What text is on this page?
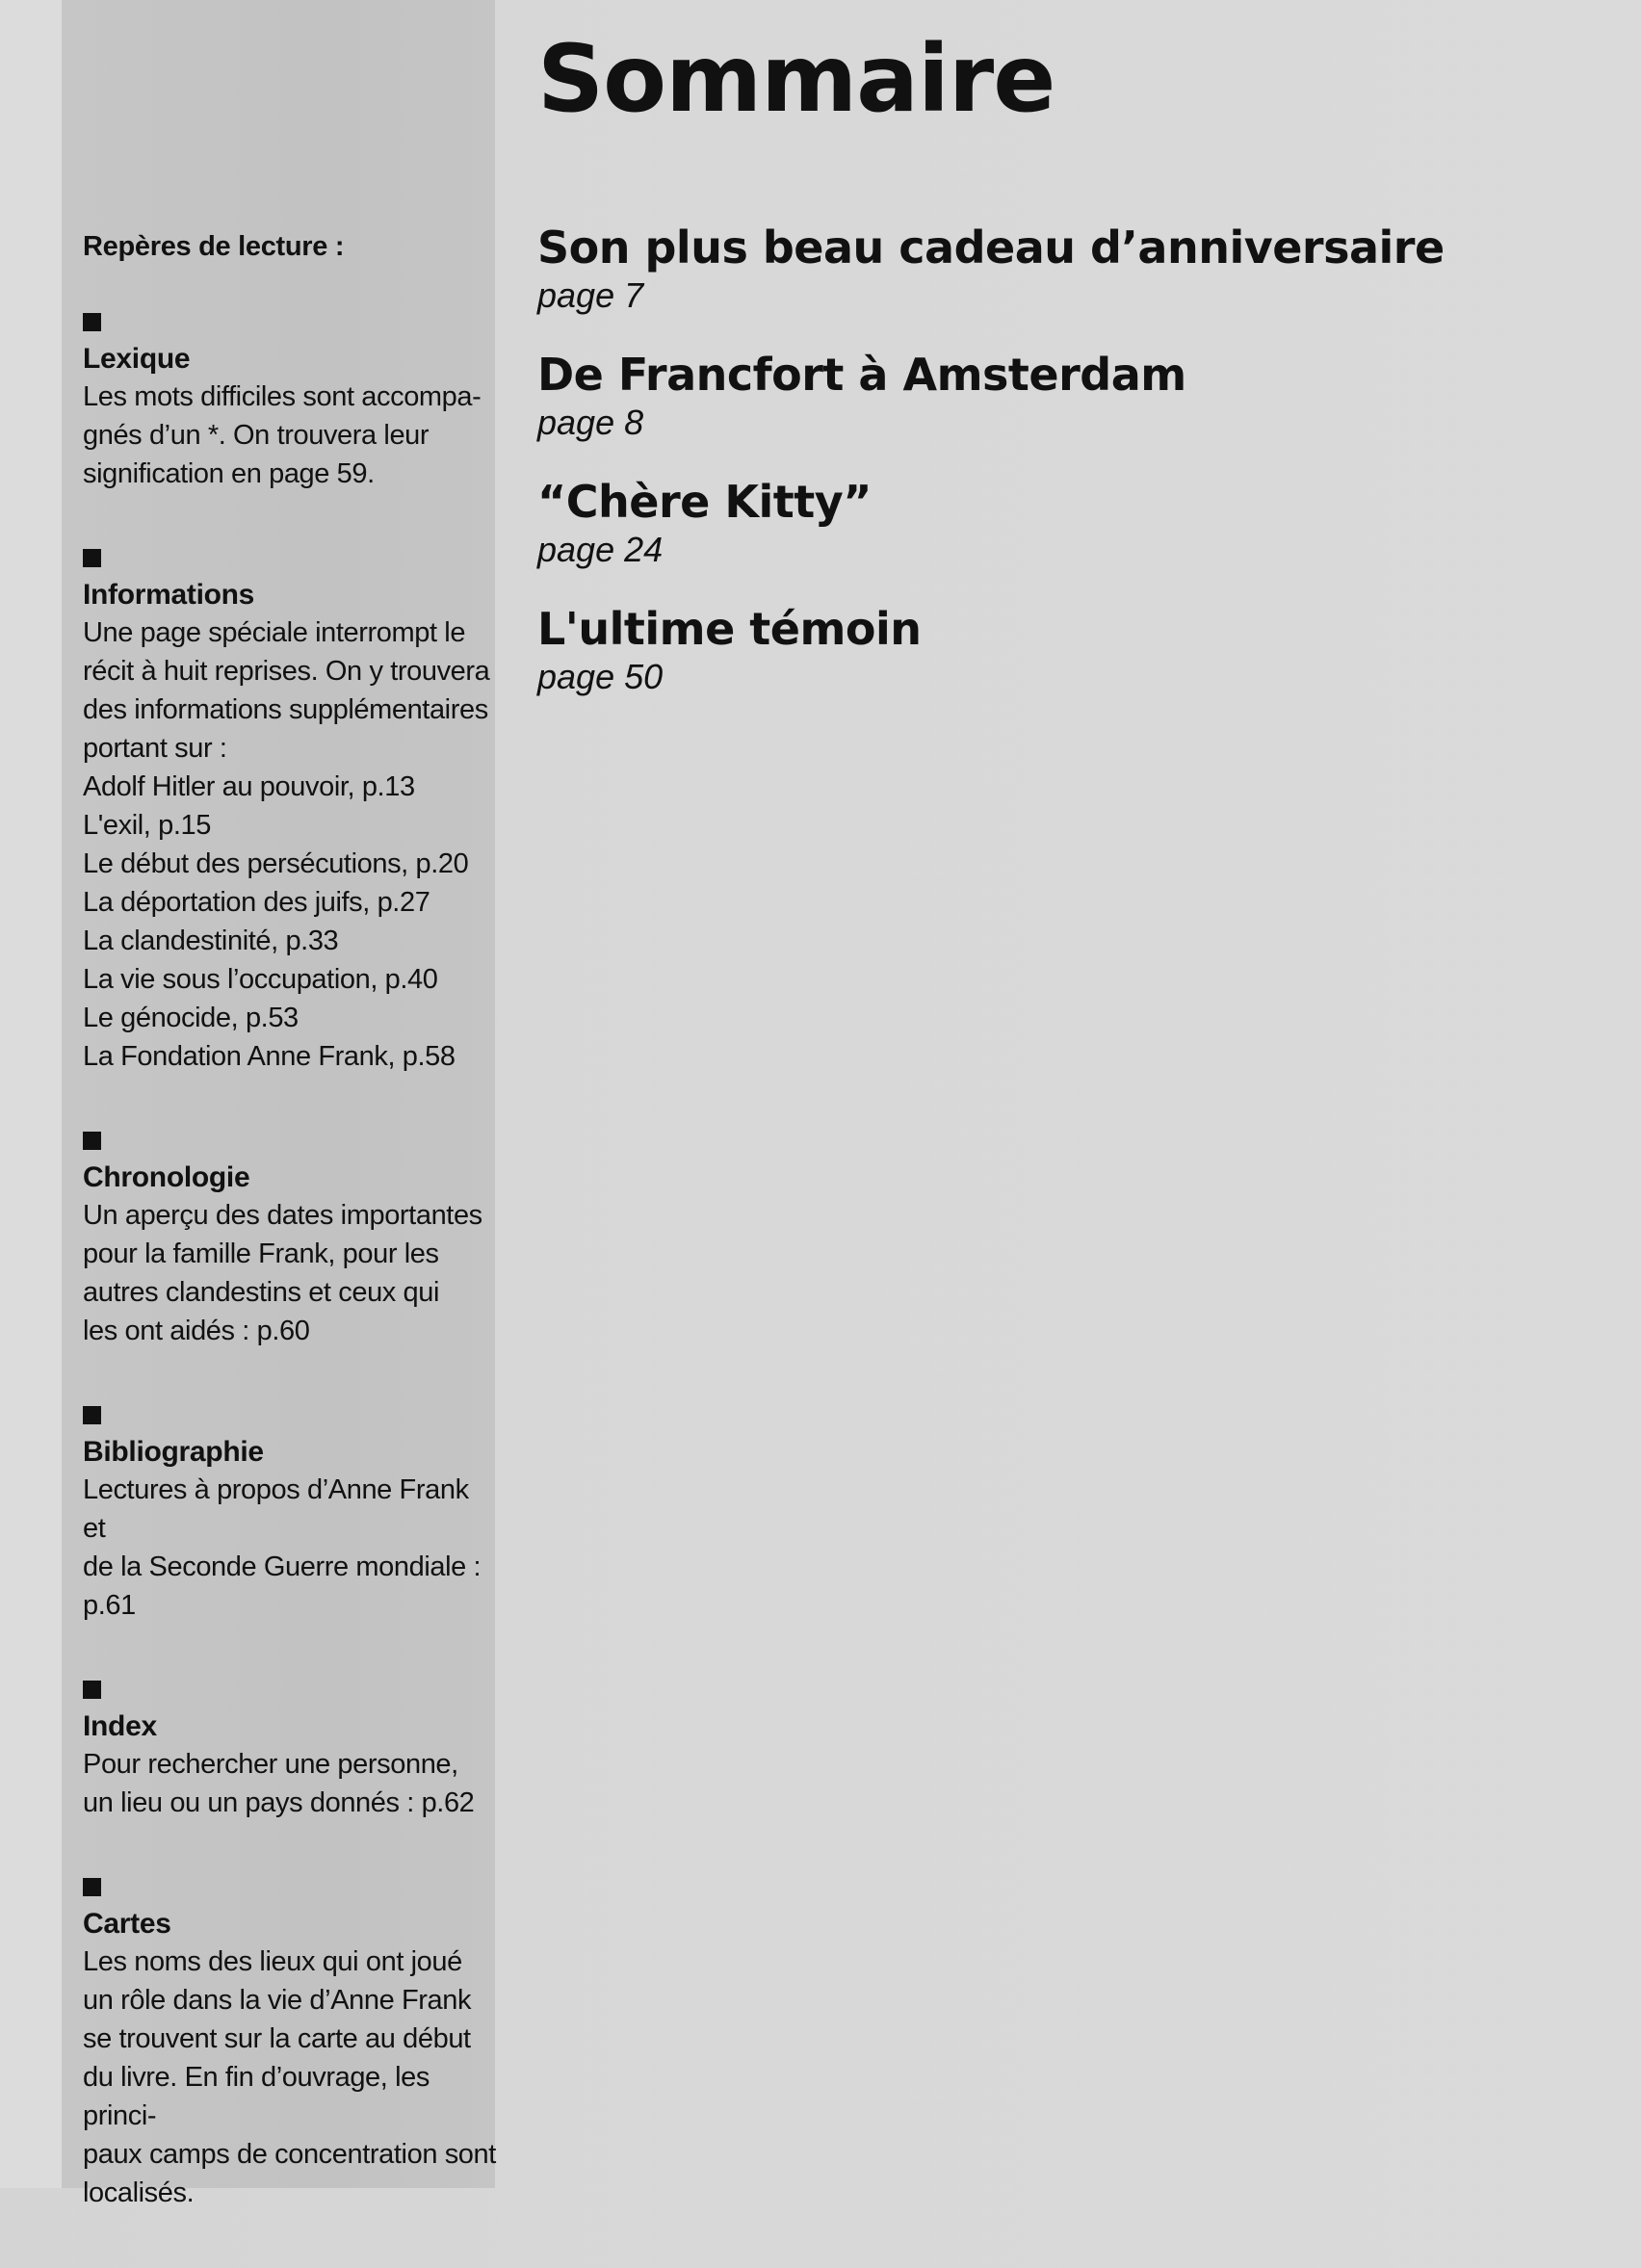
Repères de lecture :
Lexique
Les mots difficiles sont accompa-
gnés d’un *. On trouvera leur
signification en page 59.
Informations
Une page spéciale interrompt le
récit à huit reprises. On y trouvera
des informations supplémentaires
portant sur :
Adolf Hitler au pouvoir, p.13
L'exil, p.15
Le début des persécutions, p.20
La déportation des juifs, p.27
La clandestinité, p.33
La vie sous l’occupation, p.40
Le génocide, p.53
La Fondation Anne Frank, p.58
Chronologie
Un aperçu des dates importantes
pour la famille Frank, pour les
autres clandestins et ceux qui
les ont aidés : p.60
Bibliographie
Lectures à propos d’Anne Frank et
de la Seconde Guerre mondiale :
p.61
Index
Pour rechercher une personne,
un lieu ou un pays donnés : p.62
Cartes
Les noms des lieux qui ont joué
un rôle dans la vie d’Anne Frank
se trouvent sur la carte au début
du livre. En fin d’ouvrage, les princi-
paux camps de concentration sont
localisés.
Sommaire
Son plus beau cadeau d’anniversaire
page 7
De Francfort à Amsterdam
page 8
“Chère Kitty”
page 24
L'ultime témoin
page 50
